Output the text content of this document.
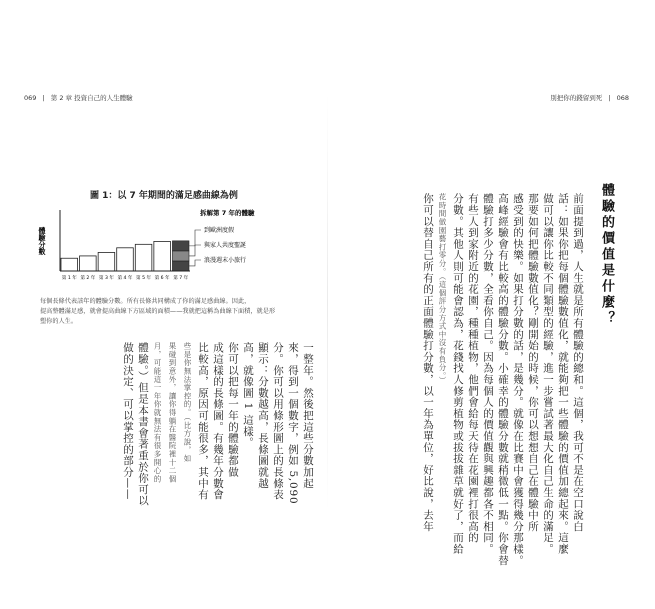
069 | 第 2 章 投資自己的人生體驗	別把你的錢留到死 | 068
圖 1：以 7 年期間的滿足感曲線為例
第 1 年 第 2 年 第 3 年 第 4 年 第 5 年 第 6 年 第 7 年
體驗分數
拆解第 7 年的體驗
到歐洲度假
與家人共度聖誕
浪漫週末小旅行
每個長條代表該年的體驗分數。所有長條共同構成了你的滿足感曲線。因此，
提高整體滿足感，就會提高曲線下方區域的面積——我就把這稱為曲線下面積，就是形
塑你的人生。
一整年。然後把這些分數加起
來，得到一個數字，例如 5,090
分。你可以用條形圖上的長條表
顯示：分數越高，長條圖就越
高，就像圖 1 這樣。
你可以把每一年的體驗都做
成這樣的長條圖。有幾年分數會
比較高，原因可能很多，其中有
些是你無法掌控的。（比方說，如
果碰到意外，讓你得躺在醫院裡十二個
月，可能這一年你就無法有很多開心的
體驗。）但是本書會著重於你可以
做的決定、可以掌控的部分——
體驗的價值是什麼？
前面提到過，人生就是所有體驗的總和。這個，我可不是在空口說白
話：如果你把每個體驗數值化，就能夠把一些體驗的價值加總起來。這麼
做可以讓你比較不同類型的經驗，進一步嘗試著最大化自己生命的滿足。
那要如何把體驗數值化？剛開始的時候，你可以想想自己在體驗中所
感受到的快樂。如果打分數的話，是幾分。就像在比賽中會獲得幾分那樣。
高峰經驗會有比較高的體驗分數。小確幸的體驗分數就稍微低一點。你會替
體驗打多少分數，全看你自己。因為每個人的價值觀與興趣都各不相同。
有些人到家附近的花園，種種植物，他們會給每天待在花園裡打很高的
分數。其他人則可能會認為，花錢找人修剪植物或拔拔雜草就好了，而給
花時間做園藝打零分。（這個評分方式中沒有負分。）
你可以替自己所有的正面體驗打分數，以一年為單位，好比說，去年
